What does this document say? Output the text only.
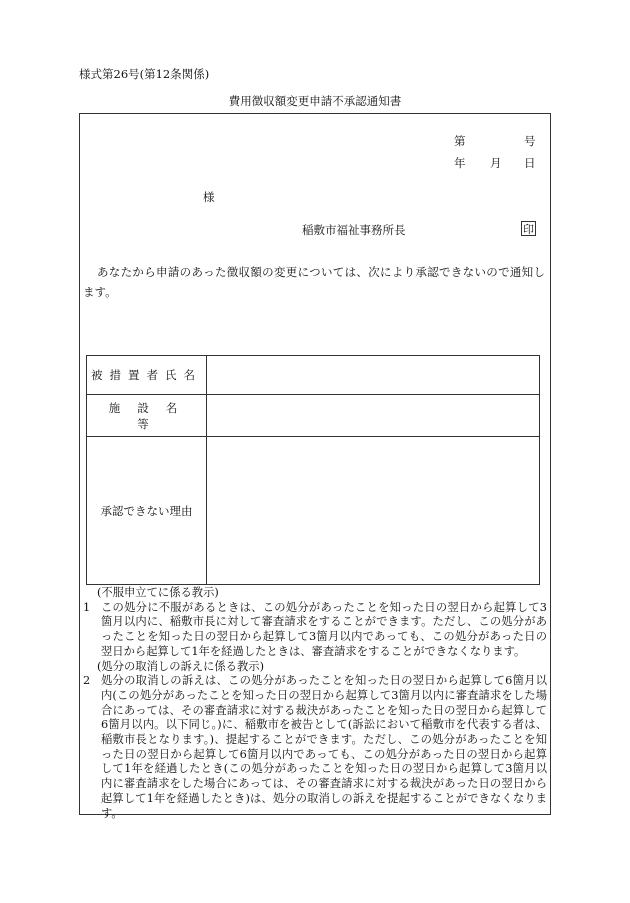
様式第26号(第12条関係)
費用徴収額変更申請不承認通知書
第	号
年 月 日
様
稲敷市福祉事務所長	印
あなたから申請のあった徴収額の変更については、次により承認できないので通知します。
被措置者氏名	
施設名等	
承認できない理由	
(不服申立てに係る教示)
1 この処分に不服があるときは、この処分があったことを知った日の翌日から起算して3箇月以内に、稲敷市長に対して審査請求をすることができます。ただし、この処分があったことを知った日の翌日から起算して3箇月以内であっても、この処分があった日の翌日から起算して1年を経過したときは、審査請求をすることができなくなります。
(処分の取消しの訴えに係る教示)
2 処分の取消しの訴えは、この処分があったことを知った日の翌日から起算して6箇月以内(この処分があったことを知った日の翌日から起算して3箇月以内に審査請求をした場合にあっては、その審査請求に対する裁決があったことを知った日の翌日から起算して6箇月以内。以下同じ。)に、稲敷市を被告として(訴訟において稲敷市を代表する者は、稲敷市長となります。)、提起することができます。ただし、この処分があったことを知った日の翌日から起算して6箇月以内であっても、この処分があった日の翌日から起算して1年を経過したとき(この処分があったことを知った日の翌日から起算して3箇月以内に審査請求をした場合にあっては、その審査請求に対する裁決があった日の翌日から起算して1年を経過したとき)は、処分の取消しの訴えを提起することができなくなります。
